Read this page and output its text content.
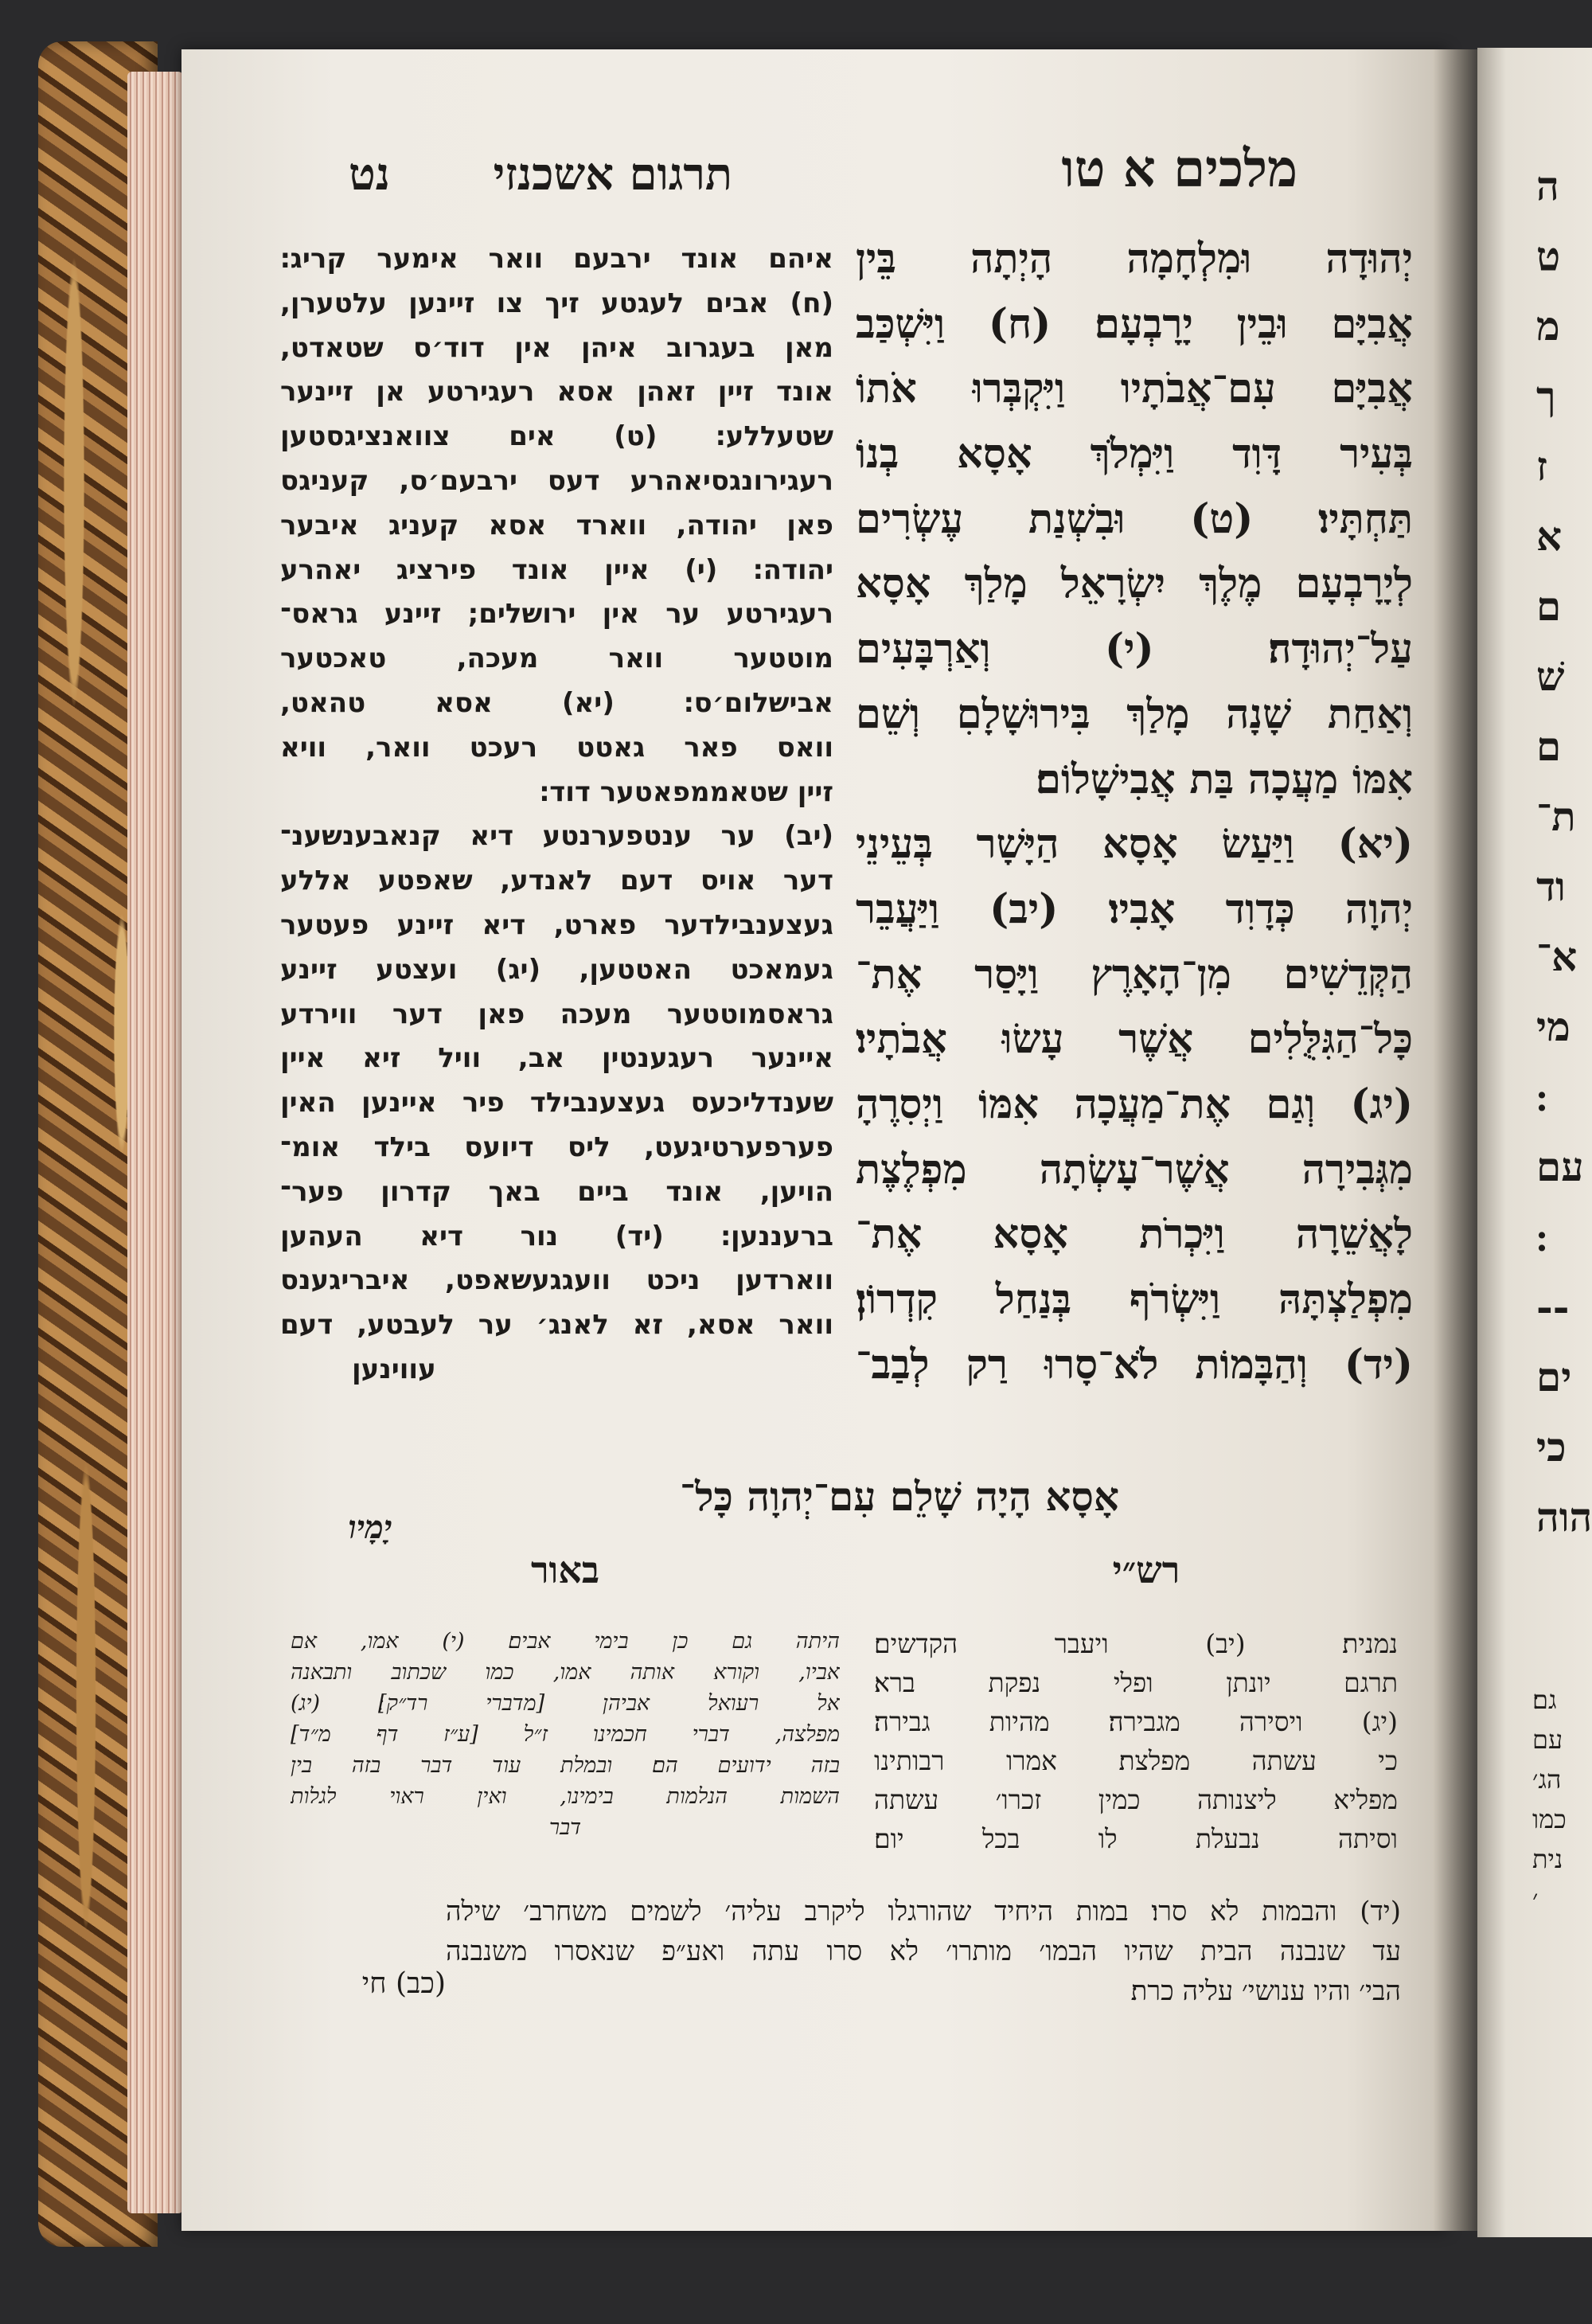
מלכים א טו
תרגום אשכנזי
נט
יְהוּדָה וּמִלְחָמָה הָיְתָה בֵּין
אֲבִיָּם וּבֵין יָרָבְעָם׃ (ח) וַיִּשְׁכַּב
אֲבִיָּם עִם־אֲבֹתָיו וַיִּקְבְּרוּ אֹתוֹ
בְּעִיר דָּוִד וַיִּמְלֹךְ אָסָא בְנוֹ
תַּחְתָּיו׃ (ט) וּבִשְׁנַת עֶשְׂרִים
לְיָרָבְעָם מֶלֶךְ יִשְׂרָאֵל מָלַךְ אָסָא
עַל־יְהוּדָה׃ (י) וְאַרְבָּעִים
וְאַחַת שָׁנָה מָלַךְ בִּירוּשָׁלָםִ וְשֵׁם
אִמּוֹ מַעֲכָה בַּת אֲבִישָׁלוֹם׃
(יא) וַיַּעַשׂ אָסָא הַיָּשָׁר בְּעֵינֵי
יְהוָה כְּדָוִד אָבִיו׃ (יב) וַיַּעֲבֵר
הַקְּדֵשִׁים מִן־הָאָרֶץ וַיָּסַר אֶת־
כָּל־הַגִּלֻּלִים אֲשֶׁר עָשׂוּ אֲבֹתָיו׃
(יג) וְגַם אֶת־מַעֲכָה אִמּוֹ וַיְסִרֶהָ
מִגְּבִירָה אֲשֶׁר־עָשְׂתָה מִפְלֶצֶת
לָאֲשֵׁרָה וַיִּכְרֹת אָסָא אֶת־
מִפְלַצְתָּהּ וַיִּשְׂרֹף בְּנַחַל קִדְרוֹן׃
(יד) וְהַבָּמוֹת לֹא־סָרוּ רַק לְבַב־
איהם אונד ירבעם וואר אימער קריג׃
(ח) אבים לעגטע זיך צו זיינען עלטערן,
מאן בעגרוב איהן אין דוד׳ס שטאדט,
אונד זיין זאהן אסא רעגירטע אן זיינער
שטעללע׃ (ט) אים צוואנציגסטען
רעגירונגסיאהרע דעס ירבעם׳ס, קעניגס
פאן יהודה, ווארד אסא קעניג איבער
יהודה׃ (י) איין אונד פירציג יאהרע
רעגירטע ער אין ירושלים; זיינע גראס־
מוטטער וואר מעכה, טאכטער
אבישלום׳ס׃ (יא) אסא טהאט,
וואס פאר גאטט רעכט וואר, וויא
זיין שטאממפאטער דוד׃
(יב) ער ענטפערנטע דיא קנאבענשענ־
דער אויס דעם לאנדע, שאפטע אללע
געצענבילדער פארט, דיא זיינע פעטער
געמאכט האטטען, (יג) ועצטע זיינע
גראסמוטטער מעכה פאן דער ווירדע
איינער רעגענטין אב, וויל זיא איין
שענדליכעס געצענבילד פיר איינען האין
פערפערטיגעט, ליס דיועס בילד אומ־
הויען, אונד ביים באך קדרון פער־
ברעננען׃ (יד) נור דיא העהען
ווארדען ניכט וועגגעשאפט, איבריגענס
וואר אסא, זא לאנג׳ ער לעבטע, דעם
עווינען
אָסָא הָיָה שָׁלֵם עִם־יְהוָה כָּל־
יָמָיו
רש״י
באור
נמנית׃ (יב) ויעבר הקדשים׃
תרגם יונתן ופלי נפקת ברא׃
(יג) ויסירה מגבירה׃ מהיות גבירה׃
כי עשתה מפלצת׃ אמרו רבותינו
מפליא ליצנותה כמין זכרו׳ עשתה
וסיתה נבעלת לו בכל יום׃
היתה גם כן בימי אבים׃ (י) אמו, אם
אביו, וקורא אותה אמו, כמו שכתוב ותבאנה
אל רעואל אביהן [מדברי רד״ק]׃ (יג)
מפלצה, דברי חכמינו ז״ל [ע״ז דף מ״ד]
בזה ידועים הם׃ ובמלת עוד דבר בזה בין
השמות הנלמות בימינו, ואין ראוי לגלות
דבר
(יד) והבמות לא סרו׃ במות היחיד שהורגלו ליקרב עליה׳ לשמים משחרב׳ שילה
עד שנבנה הבית שהיו הבמו׳ מותרו׳ לא סרו עתה ואע״פ שנאסרו משנבנה
הבי׳ והיו ענושי׳ עליה כרת׃
(כב) חי
ה
ט
מ
ך
ז
א
ם
שׁ
ם
ת־
וד
א־
מי
עם
--
ים
כי
הוה
גם׃
עם
הג׳
כמו
נית
׳
